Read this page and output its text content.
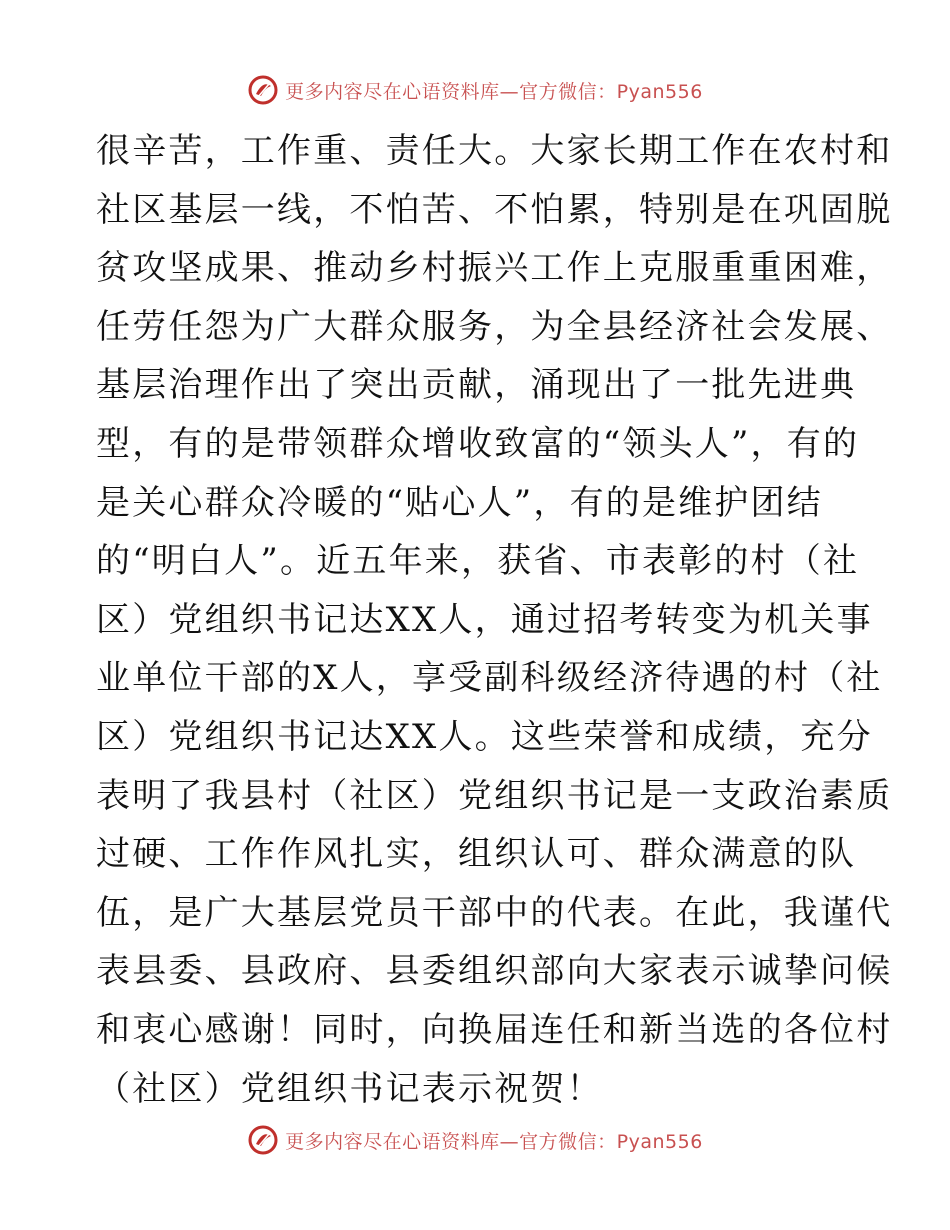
更多内容尽在心语资料库—官方微信：Pyan556
很辛苦，工作重、责任大。大家长期工作在农村和
社区基层一线，不怕苦、不怕累，特别是在巩固脱
贫攻坚成果、推动乡村振兴工作上克服重重困难，
任劳任怨为广大群众服务，为全县经济社会发展、
基层治理作出了突出贡献，涌现出了一批先进典
型，有的是带领群众增收致富的“领头人”，有的
是关心群众冷暖的“贴心人”，有的是维护团结
的“明白人”。近五年来，获省、市表彰的村（社
区）党组织书记达XX人，通过招考转变为机关事
业单位干部的X人，享受副科级经济待遇的村（社
区）党组织书记达XX人。这些荣誉和成绩，充分
表明了我县村（社区）党组织书记是一支政治素质
过硬、工作作风扎实，组织认可、群众满意的队
伍，是广大基层党员干部中的代表。在此，我谨代
表县委、县政府、县委组织部向大家表示诚挚问候
和衷心感谢！同时，向换届连任和新当选的各位村
（社区）党组织书记表示祝贺！
更多内容尽在心语资料库—官方微信：Pyan556
